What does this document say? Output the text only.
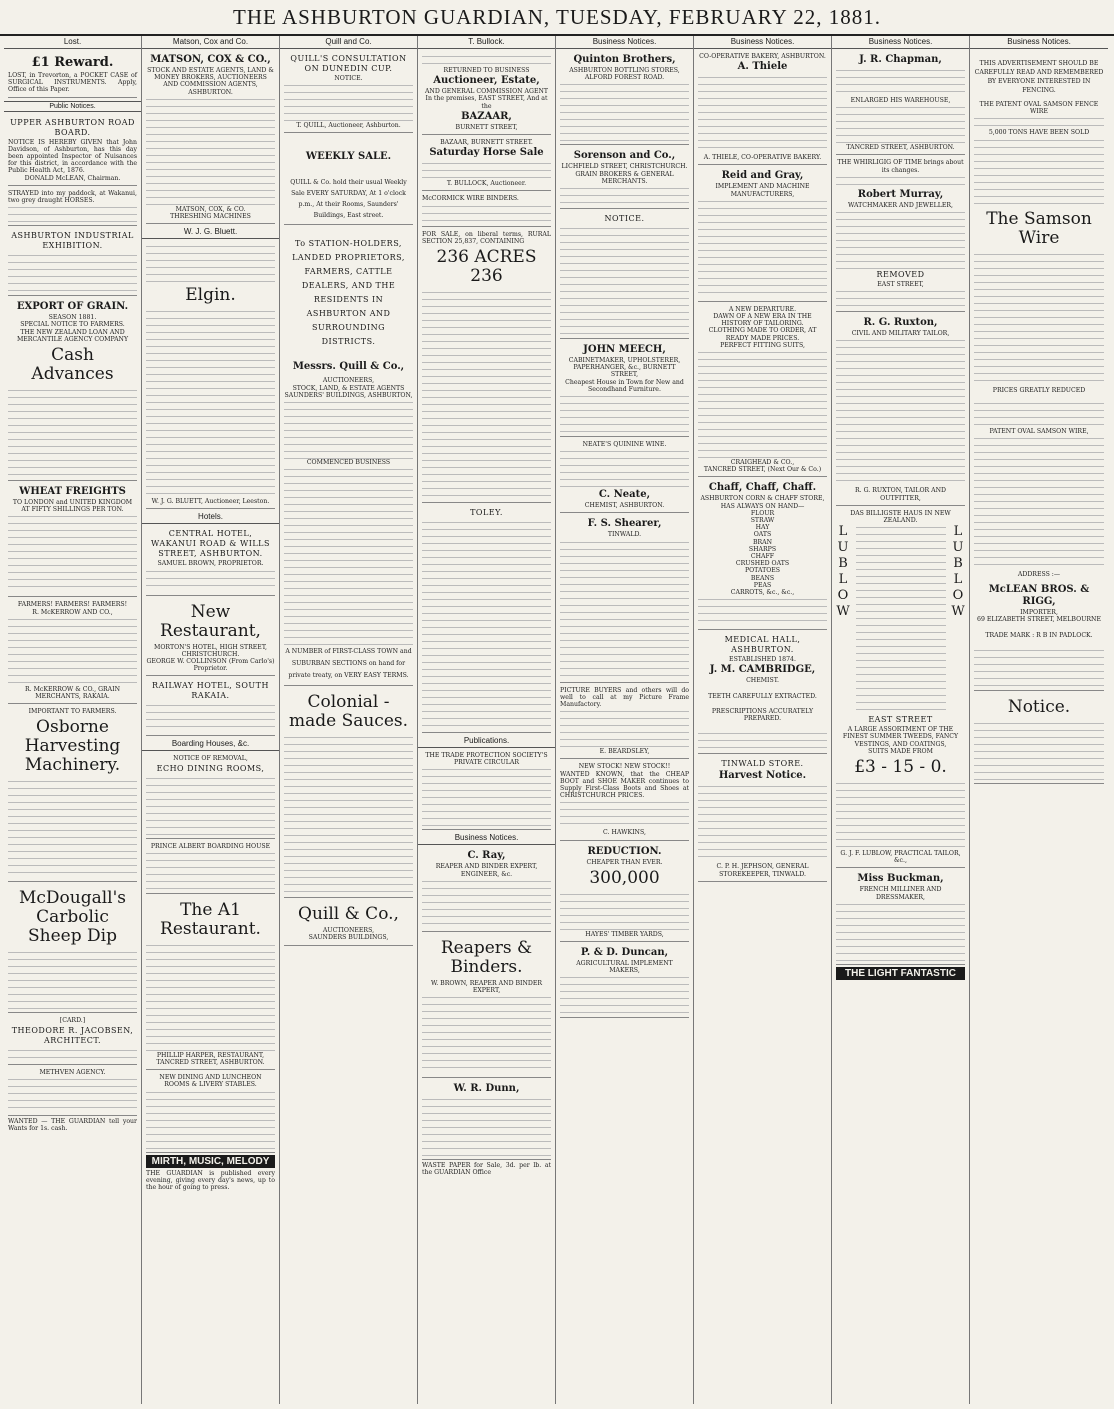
THE ASHBURTON GUARDIAN, TUESDAY, FEBRUARY 22, 1881.
Lost.
£1 Reward.
LOST, in Trevorton, a POCKET CASE of SURGICAL INSTRUMENTS. Apply, Office of this Paper.
Public Notices.
UPPER ASHBURTON ROAD BOARD.
NOTICE IS HEREBY GIVEN that John Davidson, of Ashburton, has this day been appointed Inspector of Nuisances for this district, in accordance with the Public Health Act, 1876.
DONALD McLEAN, Chairman.
STRAYED into my paddock, at Wakanui, two grey draught HORSES.
ASHBURTON INDUSTRIAL EXHIBITION.
EXPORT OF GRAIN.
SEASON 1881.
SPECIAL NOTICE TO FARMERS.
THE NEW ZEALAND LOAN AND MERCANTILE AGENCY COMPANY
Cash Advances
WHEAT FREIGHTS
TO LONDON and UNITED KINGDOM AT FIFTY SHILLINGS PER TON.
FARMERS! FARMERS! FARMERS!
R. McKERROW AND CO.,
R. McKERROW & CO., GRAIN MERCHANTS, RAKAIA.
IMPORTANT TO FARMERS.
Osborne Harvesting Machinery.
McDougall's Carbolic Sheep Dip
[CARD.]
THEODORE R. JACOBSEN, ARCHITECT.
METHVEN AGENCY.
WANTED — THE GUARDIAN tell your Wants for 1s. cash.
Matson, Cox and Co.
MATSON, COX & CO.,
STOCK AND ESTATE AGENTS, LAND & MONEY BROKERS, AUCTIONEERS AND COMMISSION AGENTS, ASHBURTON.
MATSON, COX, & CO.
THRESHING MACHINES
W. J. G. Bluett.
Elgin.
W. J. G. BLUETT, Auctioneer, Leeston.
Hotels.
CENTRAL HOTEL, WAKANUI ROAD & WILLS STREET, ASHBURTON.
SAMUEL BROWN, PROPRIETOR.
New Restaurant,
MORTON'S HOTEL, HIGH STREET, CHRISTCHURCH.
GEORGE W. COLLINSON (From Carlo's) Proprietor.
RAILWAY HOTEL, SOUTH RAKAIA.
Boarding Houses, &c.
NOTICE OF REMOVAL,
ECHO DINING ROOMS,
PRINCE ALBERT BOARDING HOUSE
The A1 Restaurant.
PHILLIP HARPER, RESTAURANT, TANCRED STREET, ASHBURTON.
NEW DINING AND LUNCHEON ROOMS & LIVERY STABLES.
MIRTH, MUSIC, MELODY
THE GUARDIAN is published every evening, giving every day's news, up to the hour of going to press.
Quill and Co.
QUILL'S CONSULTATION ON DUNEDIN CUP.
NOTICE.
T. QUILL, Auctioneer, Ashburton.
WEEKLY SALE.
QUILL & Co. hold their usual Weekly Sale EVERY SATURDAY, At 1 o'clock p.m., At their Rooms, Saunders' Buildings, East street.
To STATION-HOLDERS, LANDED PROPRIETORS, FARMERS, CATTLE DEALERS, AND THE RESIDENTS IN ASHBURTON AND SURROUNDING DISTRICTS.
Messrs. Quill & Co.,
AUCTIONEERS,
STOCK, LAND, & ESTATE AGENTS
SAUNDERS' BUILDINGS, ASHBURTON,
COMMENCED BUSINESS
A NUMBER of FIRST-CLASS TOWN and SUBURBAN SECTIONS on hand for private treaty, on VERY EASY TERMS.
Colonial - made Sauces.
Quill & Co.,
AUCTIONEERS,
SAUNDERS BUILDINGS,
T. Bullock.
RETURNED TO BUSINESS
Auctioneer, Estate,
AND GENERAL COMMISSION AGENT
In the premises, EAST STREET, And at the
BAZAAR,
BURNETT STREET,
BAZAAR, BURNETT STREET.
Saturday Horse Sale
T. BULLOCK, Auctioneer.
McCORMICK WIRE BINDERS.
FOR SALE, on liberal terms, RURAL SECTION 25,837, CONTAINING
236 ACRES 236
TOLEY.
Publications.
THE TRADE PROTECTION SOCIETY'S PRIVATE CIRCULAR
Business Notices.
C. Ray,
REAPER AND BINDER EXPERT, ENGINEER, &c.
Reapers & Binders.
W. BROWN, REAPER AND BINDER EXPERT,
W. R. Dunn,
WASTE PAPER for Sale, 3d. per lb. at the GUARDIAN Office
Business Notices.
Quinton Brothers,
ASHBURTON BOTTLING STORES, ALFORD FOREST ROAD.
Sorenson and Co.,
LICHFIELD STREET, CHRISTCHURCH.
GRAIN BROKERS & GENERAL MERCHANTS.
NOTICE.
JOHN MEECH,
CABINETMAKER, UPHOLSTERER, PAPERHANGER, &c., BURNETT STREET,
Cheapest House in Town for New and Secondhand Furniture.
NEATE'S QUININE WINE.
C. Neate,
CHEMIST, ASHBURTON.
F. S. Shearer,
TINWALD.
PICTURE BUYERS and others will do well to call at my Picture Frame Manufactory.
E. BEARDSLEY,
NEW STOCK! NEW STOCK!!
WANTED KNOWN, that the CHEAP BOOT and SHOE MAKER continues to Supply First-Class Boots and Shoes at CHRISTCHURCH PRICES.
C. HAWKINS,
REDUCTION.
CHEAPER THAN EVER.
300,000
HAYES' TIMBER YARDS,
P. & D. Duncan,
AGRICULTURAL IMPLEMENT MAKERS,
Business Notices.
CO-OPERATIVE BAKERY, ASHBURTON.
A. Thiele
A. THIELE, CO-OPERATIVE BAKERY.
Reid and Gray,
IMPLEMENT AND MACHINE MANUFACTURERS,
A NEW DEPARTURE.
DAWN OF A NEW ERA IN THE HISTORY OF TAILORING.
CLOTHING MADE TO ORDER, AT READY MADE PRICES.
PERFECT FITTING SUITS,
CRAIGHEAD & CO.,
TANCRED STREET, (Next Our & Co.)
Chaff, Chaff, Chaff.
ASHBURTON CORN & CHAFF STORE,
HAS ALWAYS ON HAND—
FLOUR
STRAW
HAY
OATS
BRAN
SHARPS
CHAFF
CRUSHED OATS
POTATOES
BEANS
PEAS
CARROTS, &c., &c.,
MEDICAL HALL, ASHBURTON.
ESTABLISHED 1874.
J. M. CAMBRIDGE,
CHEMIST.
TEETH CAREFULLY EXTRACTED.
PRESCRIPTIONS ACCURATELY PREPARED.
TINWALD STORE.
Harvest Notice.
C. P. H. JEPHSON, GENERAL STOREKEEPER, TINWALD.
Business Notices.
J. R. Chapman,
ENLARGED HIS WAREHOUSE,
TANCRED STREET, ASHBURTON.
THE WHIRLIGIG OF TIME brings about its changes.
Robert Murray,
WATCHMAKER AND JEWELLER,
REMOVED
EAST STREET,
R. G. Ruxton,
CIVIL AND MILITARY TAILOR,
R. G. RUXTON, TAILOR AND OUTFITTER,
DAS BILLIGSTE HAUS IN NEW ZEALAND.
LUBLOW
LUBLOW
EAST STREET
A LARGE ASSORTMENT OF THE FINEST SUMMER TWEEDS, FANCY VESTINGS, AND COATINGS,
SUITS MADE FROM
£3 - 15 - 0.
G. J. F. LUBLOW, PRACTICAL TAILOR, &c.,
Miss Buckman,
FRENCH MILLINER AND DRESSMAKER,
THE LIGHT FANTASTIC
Business Notices.
THIS ADVERTISEMENT SHOULD BE CAREFULLY READ AND REMEMBERED BY EVERYONE INTERESTED IN FENCING.
THE PATENT OVAL SAMSON FENCE WIRE
5,000 TONS HAVE BEEN SOLD
The Samson Wire
PRICES GREATLY REDUCED
PATENT OVAL SAMSON WIRE,
ADDRESS :—
McLEAN BROS. & RIGG,
IMPORTER,
69 ELIZABETH STREET, MELBOURNE
TRADE MARK : R B IN PADLOCK.
Notice.
